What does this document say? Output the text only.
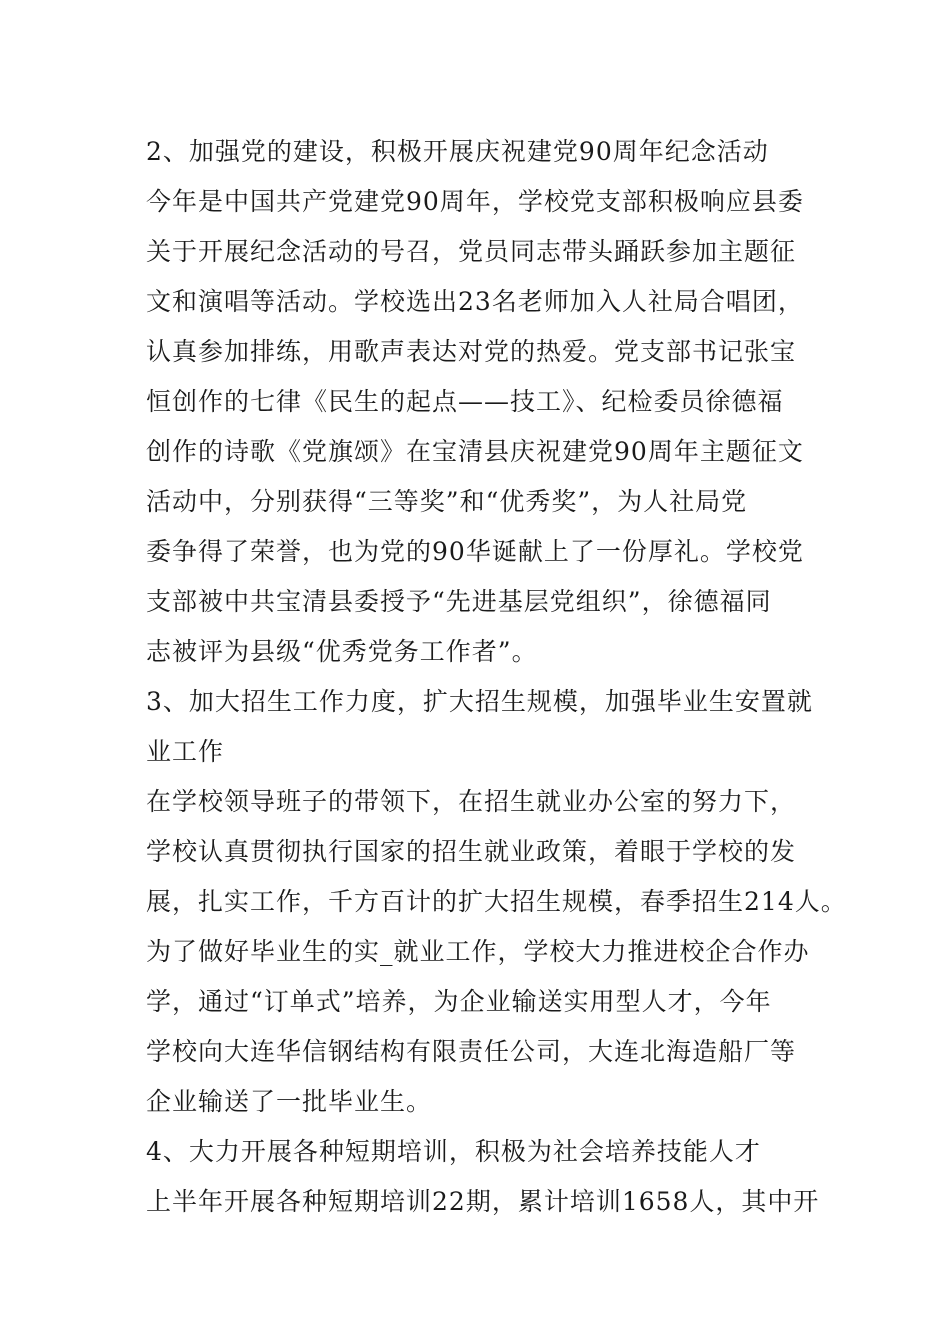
2、加强党的建设，积极开展庆祝建党90周年纪念活动
今年是中国共产党建党90周年，学校党支部积极响应县委
关于开展纪念活动的号召，党员同志带头踊跃参加主题征
文和演唱等活动。学校选出23名老师加入人社局合唱团，
认真参加排练，用歌声表达对党的热爱。党支部书记张宝
恒创作的七律《民生的起点——技工》、纪检委员徐德福
创作的诗歌《党旗颂》在宝清县庆祝建党90周年主题征文
活动中，分别获得“三等奖”和“优秀奖”，为人社局党
委争得了荣誉，也为党的90华诞献上了一份厚礼。学校党
支部被中共宝清县委授予“先进基层党组织”，徐德福同
志被评为县级“优秀党务工作者”。
3、加大招生工作力度，扩大招生规模，加强毕业生安置就
业工作
在学校领导班子的带领下，在招生就业办公室的努力下，
学校认真贯彻执行国家的招生就业政策，着眼于学校的发
展，扎实工作，千方百计的扩大招生规模，春季招生214人。
为了做好毕业生的实_就业工作，学校大力推进校企合作办
学，通过“订单式”培养，为企业输送实用型人才，今年
学校向大连华信钢结构有限责任公司，大连北海造船厂等
企业输送了一批毕业生。
4、大力开展各种短期培训，积极为社会培养技能人才
上半年开展各种短期培训22期，累计培训1658人，其中开
